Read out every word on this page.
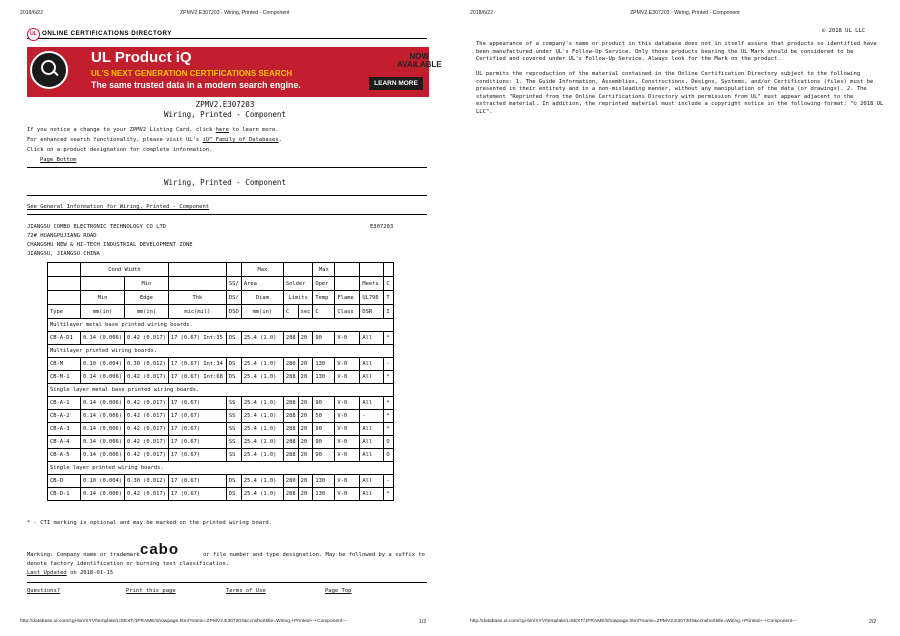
2018/6/22	ZPMV2.E307203 - Wiring, Printed - Component
UL ONLINE CERTIFICATIONS DIRECTORY
UL Product iQ
UL'S NEXT GENERATION CERTIFICATIONS SEARCH
The same trusted data in a modern search engine.
NOW
AVAILABLE
LEARN MORE
ZPMV2.E307203
Wiring, Printed - Component
If you notice a change to your ZPMV2 Listing Card, click here to learn more.
For enhanced search functionality, please visit UL's iQ™ Family of Databases.
Click on a product designation for complete information.
Page Bottom
Wiring, Printed - Component
See General Information for Wiring, Printed - Component
JIANGSU COMBO ELECTRONIC TECHNOLOGY CO LTD	E307203
72# HUANGPUJIANG ROAD
CHANGSHU NEW & HI-TECH INDUSTRIAL DEVELOPMENT ZONE
JIANGSU, JIANGSU CHINA
	Cond Width				Max			Max			
		Min		SS/	Area	Solder		Oper		Meets	C
	Min	Edge	Thk	DS/	Diam	Limits		Temp	Flame	UL796	T
Type	mm(in)	mm(in)	mic(mil)	DSO	mm(in)	C	sec	C	Class	DSR	I
Multilayer metal base printed wiring boards.											
CB-A-D1	0.14 (0.006)	0.42 (0.017)	17 (0.67) Int:35	DS	25.4 (1.0)	288	20	90	V-0	All	*
Multilayer printed wiring boards.											
CB-M	0.10 (0.004)	0.30 (0.012)	17 (0.67) Int:34	DS	25.4 (1.0)	280	20	130	V-0	All	-
CB-M-1	0.14 (0.006)	0.42 (0.017)	17 (0.67) Int:68	DS	25.4 (1.0)	288	20	130	V-0	All	*
Single layer metal base printed wiring boards.											
CB-A-1	0.14 (0.006)	0.42 (0.017)	17 (0.67)	SS	25.4 (1.0)	288	20	90	V-0	All	*
CB-A-2	0.14 (0.006)	0.42 (0.017)	17 (0.67)	SS	25.4 (1.0)	288	20	50	V-0	-	*
CB-A-3	0.14 (0.006)	0.42 (0.017)	17 (0.67)	SS	25.4 (1.0)	288	20	90	V-0	All	*
CB-A-4	0.14 (0.006)	0.42 (0.017)	17 (0.67)	SS	25.4 (1.0)	288	20	90	V-0	All	O
CB-A-5	0.14 (0.006)	0.42 (0.017)	17 (0.67)	SS	25.4 (1.0)	288	20	90	V-0	All	O
Single layer printed wiring boards.											
CB-D	0.10 (0.004)	0.30 (0.012)	17 (0.67)	DS	25.4 (1.0)	280	20	130	V-0	All	-
CB-D-1	0.14 (0.006)	0.42 (0.017)	17 (0.67)	DS	25.4 (1.0)	288	20	130	V-0	All	*
* - CTI marking is optional and may be marked on the printed wiring board.
Marking: Company name or trademark cabo	or file number and type designation. May be followed by a suffix to
denote factory identification or burning test classification.
Last Updated on 2018-01-15
Questions?	Print this page	Terms of Use	Page Top
http://database.ul.com/cgi-bin/XYV/template/LISEXT/1FRAME/showpage.html?name=ZPMV2.E307203&ccnshorttitle=Wiring,+Printed+-+Component---	1/2
2018/6/22	ZPMV2.E307203 - Wiring, Printed - Component
© 2018 UL LLC
The appearance of a company's name or product in this database does not in itself assure that products so identified have
been manufactured under UL's Follow-Up Service. Only those products bearing the UL Mark should be considered to be
Certified and covered under UL's Follow-Up Service. Always look for the Mark on the product.
UL permits the reproduction of the material contained in the Online Certification Directory subject to the following
conditions: 1. The Guide Information, Assemblies, Constructions, Designs, Systems, and/or Certifications (files) must be
presented in their entirety and in a non-misleading manner, without any manipulation of the data (or drawings). 2. The
statement "Reprinted from the Online Certifications Directory with permission from UL" must appear adjacent to the
extracted material. In addition, the reprinted material must include a copyright notice in the following format: "© 2018 UL
LLC".
http://database.ul.com/cgi-bin/XYV/template/LISEXT/1FRAME/showpage.html?name=ZPMV2.E307203&ccnshorttitle=Wiring,+Printed+-+Component---	2/2
